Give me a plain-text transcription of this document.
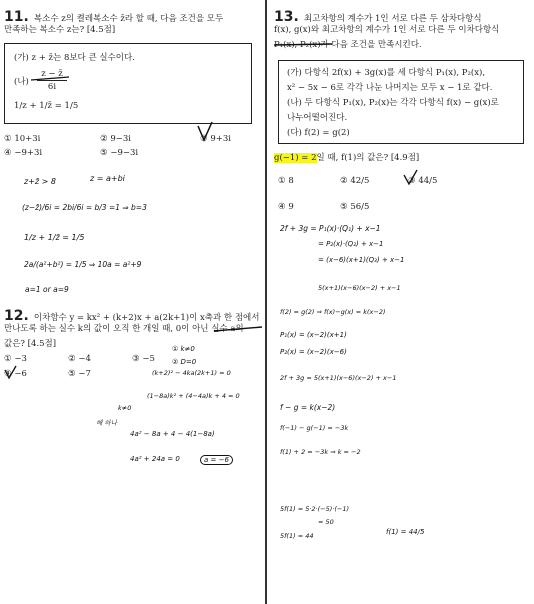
11. 복소수 z의 켤레복소수 z̄라 할 때, 다음 조건을 모두
만족하는 복소수 z는? [4.5점]
(가) z + z̄는 8보다 큰 실수이다.
(나) $\frac{z - z̄}{6i}$
1/z + 1/z̄ = 1/5
① 10+3i	② 9−3i	③ 9+3i
④ −9+3i	⑤ −9−3i
z+z̄ > 8	z = a+bi
(z−z̄)/6i = 2bi/6i = b/3 =1 ⇒ b=3
1/z + 1/z̄ = 1/5
2a/(a²+b²) = 1/5 ⇒ 10a = a²+9
a=1 or a=9
12. 이차함수 y = kx² + (k+2)x + a(2k+1)이 x축과 한 점에서
만나도록 하는 실수 k의 값이 오직 한 개일 때, 0이 아닌 실수 a의
값은? [4.5점]
① −3	② −4	③ −5
④ −6	⑤ −7
① k≠0
② D=0
(k+2)² − 4ka(2k+1) = 0
(1−8a)k² + (4−4a)k + 4 = 0
k≠0
해 하나
4a² − 8a + 4 − 4(1−8a)
4a² + 24a = 0	a = −6
13. 최고차항의 계수가 1인 서로 다른 두 삼차다항식
f(x), g(x)와 최고차항의 계수가 1인 서로 다른 두 이차다항식
P₁(x), P₂(x)가 다음 조건을 만족시킨다.
(가) 다항식 2f(x) + 3g(x)를 세 다항식 P₁(x), P₂(x),
x² − 5x − 6로 각각 나눈 나머지는 모두 x − 1로 같다.
(나) 두 다항식 P₁(x), P₂(x)는 각각 다항식 f(x) − g(x)로
나누어떨어진다.
(다) f(2) = g(2)
g(−1) = 2일 때, f(1)의 값은? [4.9점]
① 8	② 42/5	③ 44/5
④ 9	⑤ 56/5
2f + 3g = P₁(x)·(Q₁) + x−1
= P₂(x)·(Q₂) + x−1
= (x−6)(x+1)(Q₃) + x−1
5(x+1)(x−6)(x−2) + x−1
f(2) = g(2) ⇒ f(x)−g(x) = k(x−2)
P₁(x) = (x−2)(x+1)
P₂(x) = (x−2)(x−6)
2f + 3g = 5(x+1)(x−6)(x−2) + x−1
f − g = k(x−2)
f(−1) − g(−1) = −3k
f(1) + 2 = −3k ⇒ k = −2
5f(1) = 5·2·(−5)·(−1)
= 50
5f(1) = 44	f(1) = 44/5
